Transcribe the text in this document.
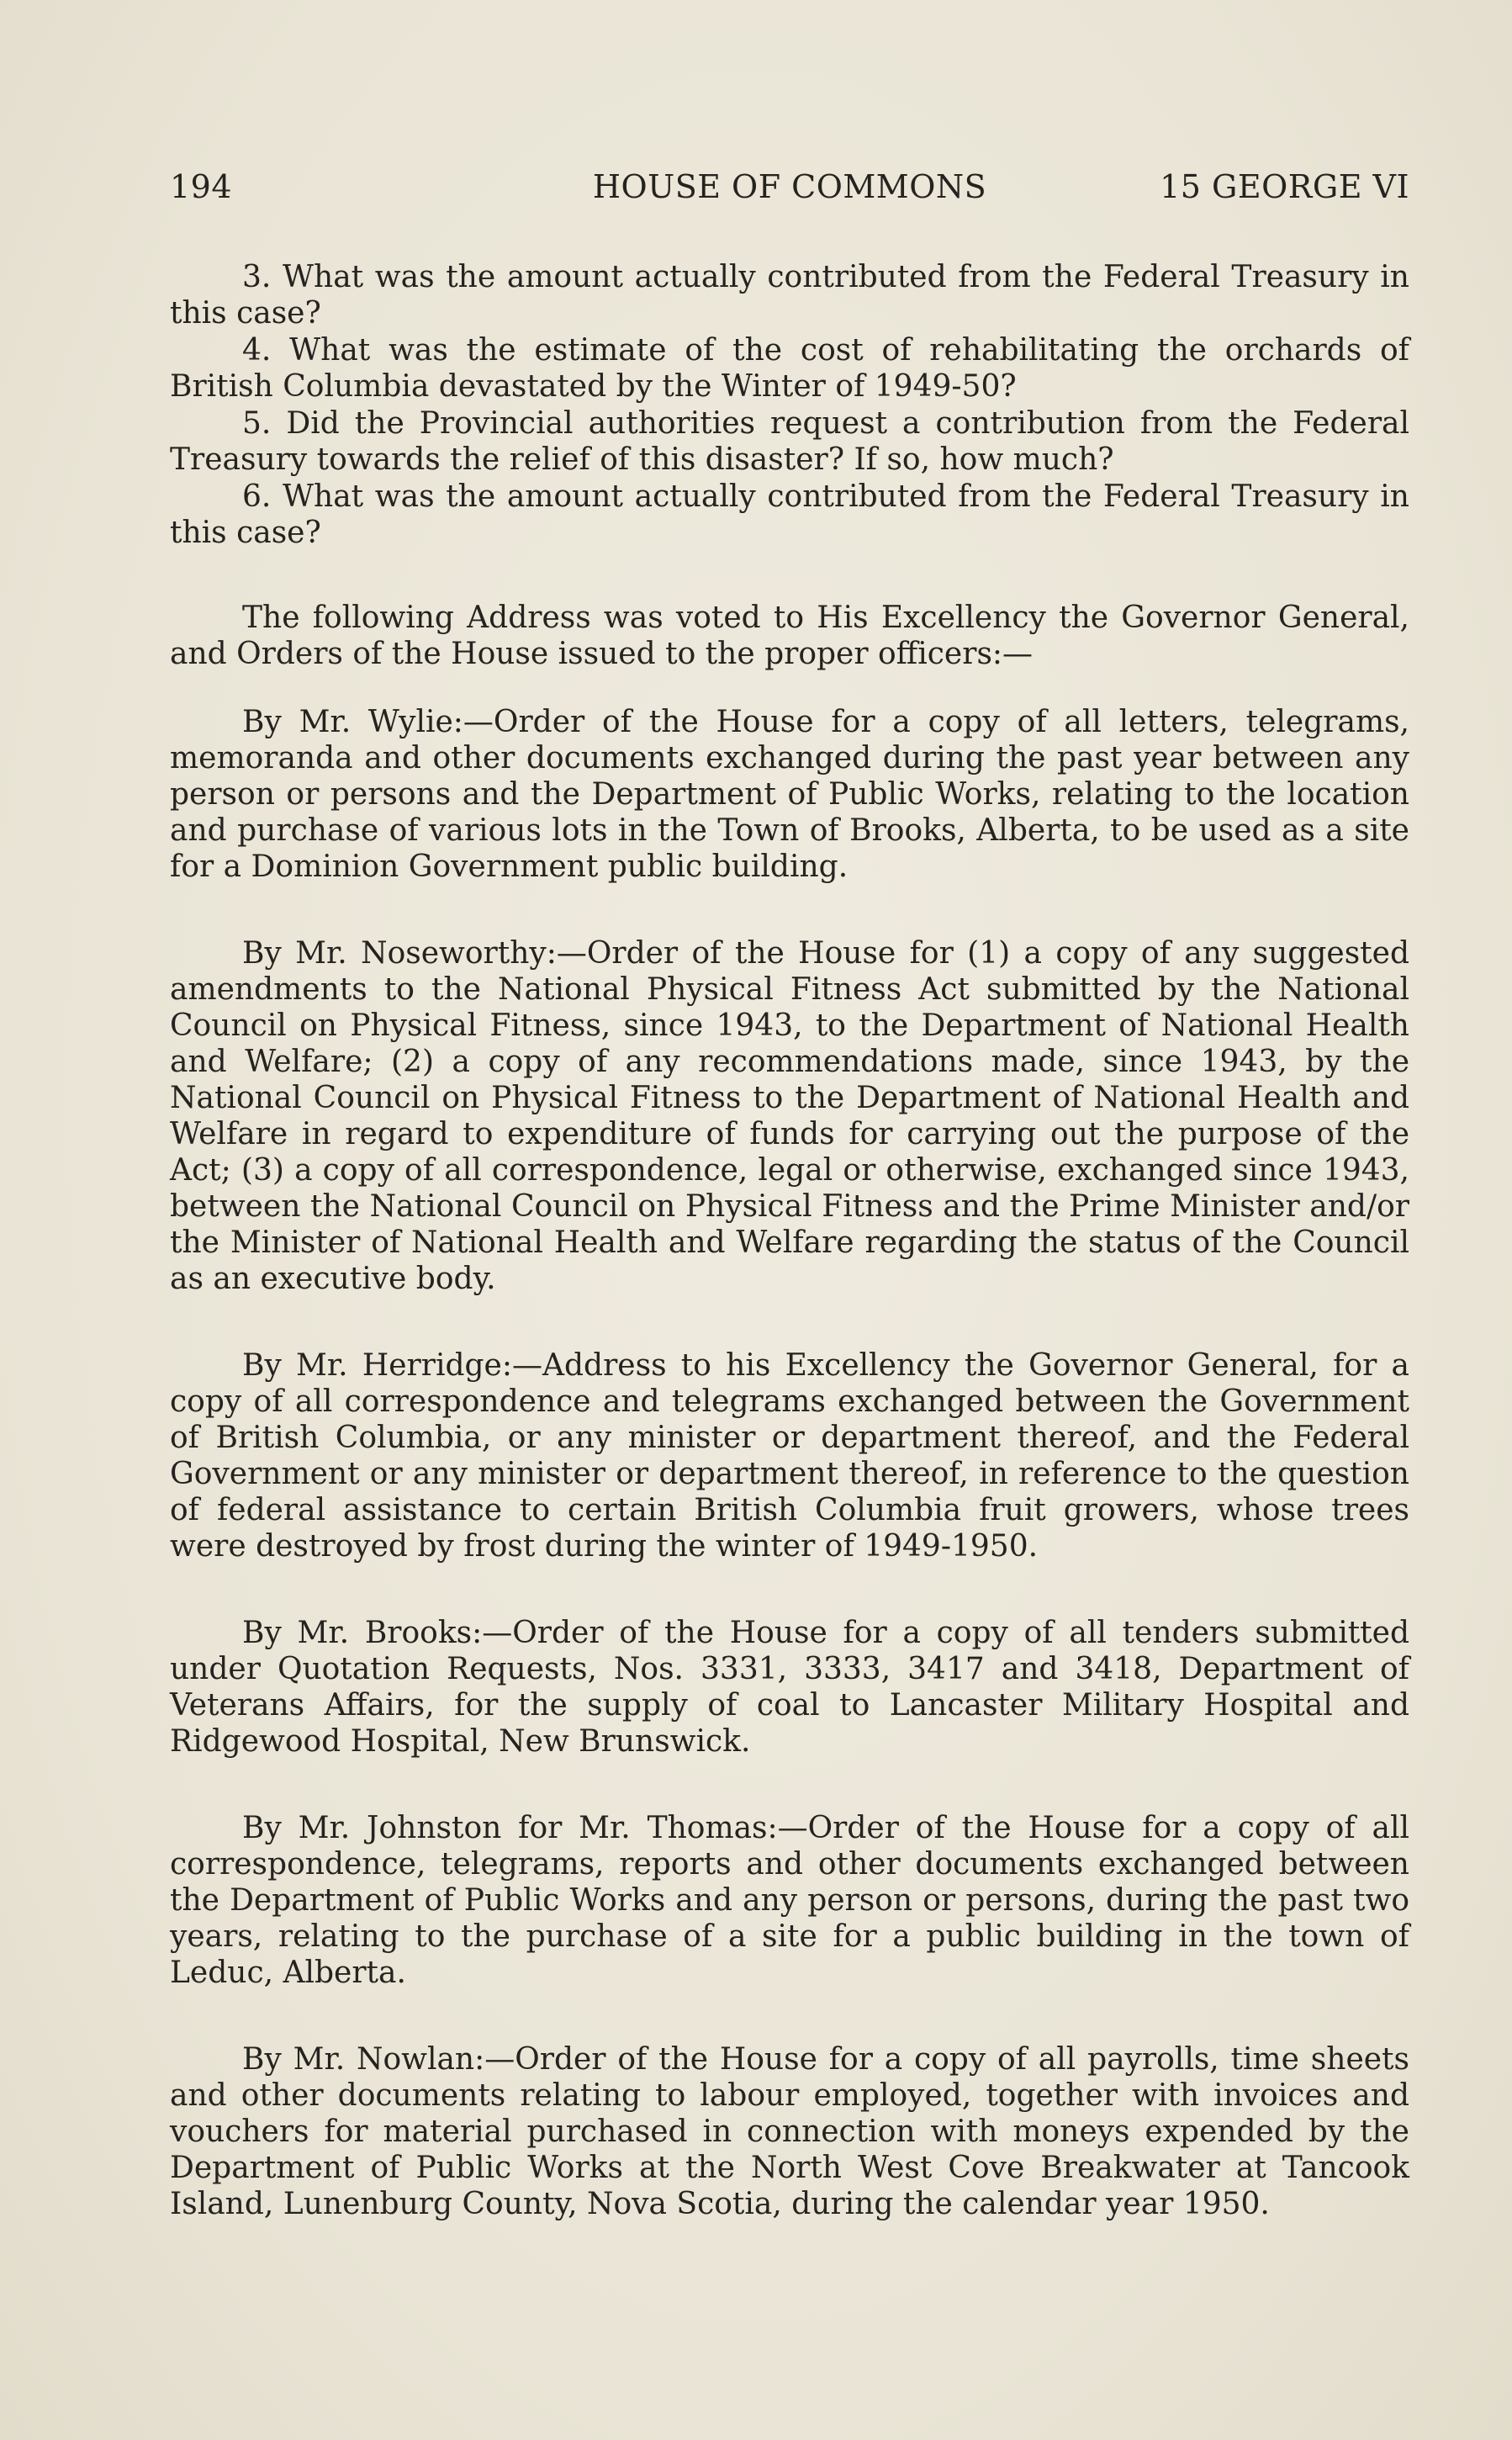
HOUSE OF COMMONS
194	15 GEORGE VI

3. What was the amount actually contributed from the Federal Treasury in this case?

4. What was the estimate of the cost of rehabilitating the orchards of British Columbia devastated by the Winter of 1949-50?

5. Did the Provincial authorities request a contribution from the Federal Treasury towards the relief of this disaster? If so, how much?

6. What was the amount actually contributed from the Federal Treasury in this case?

The following Address was voted to His Excellency the Governor General, and Orders of the House issued to the proper officers:—

By Mr. Wylie:—Order of the House for a copy of all letters, telegrams, memoranda and other documents exchanged during the past year between any person or persons and the Department of Public Works, relating to the location and purchase of various lots in the Town of Brooks, Alberta, to be used as a site for a Dominion Government public building.

By Mr. Noseworthy:—Order of the House for (1) a copy of any suggested amendments to the National Physical Fitness Act submitted by the National Council on Physical Fitness, since 1943, to the Department of National Health and Welfare; (2) a copy of any recommendations made, since 1943, by the National Council on Physical Fitness to the Department of National Health and Welfare in regard to expenditure of funds for carrying out the purpose of the Act; (3) a copy of all correspondence, legal or otherwise, exchanged since 1943, between the National Council on Physical Fitness and the Prime Minister and/or the Minister of National Health and Welfare regarding the status of the Council as an executive body.

By Mr. Herridge:—Address to his Excellency the Governor General, for a copy of all correspondence and telegrams exchanged between the Government of British Columbia, or any minister or department thereof, and the Federal Government or any minister or department thereof, in reference to the question of federal assistance to certain British Columbia fruit growers, whose trees were destroyed by frost during the winter of 1949-1950.

By Mr. Brooks:—Order of the House for a copy of all tenders submitted under Quotation Requests, Nos. 3331, 3333, 3417 and 3418, Department of Veterans Affairs, for the supply of coal to Lancaster Military Hospital and Ridgewood Hospital, New Brunswick.

By Mr. Johnston for Mr. Thomas:—Order of the House for a copy of all correspondence, telegrams, reports and other documents exchanged between the Department of Public Works and any person or persons, during the past two years, relating to the purchase of a site for a public building in the town of Leduc, Alberta.

By Mr. Nowlan:—Order of the House for a copy of all payrolls, time sheets and other documents relating to labour employed, together with invoices and vouchers for material purchased in connection with moneys expended by the Department of Public Works at the North West Cove Breakwater at Tancook Island, Lunenburg County, Nova Scotia, during the calendar year 1950.
